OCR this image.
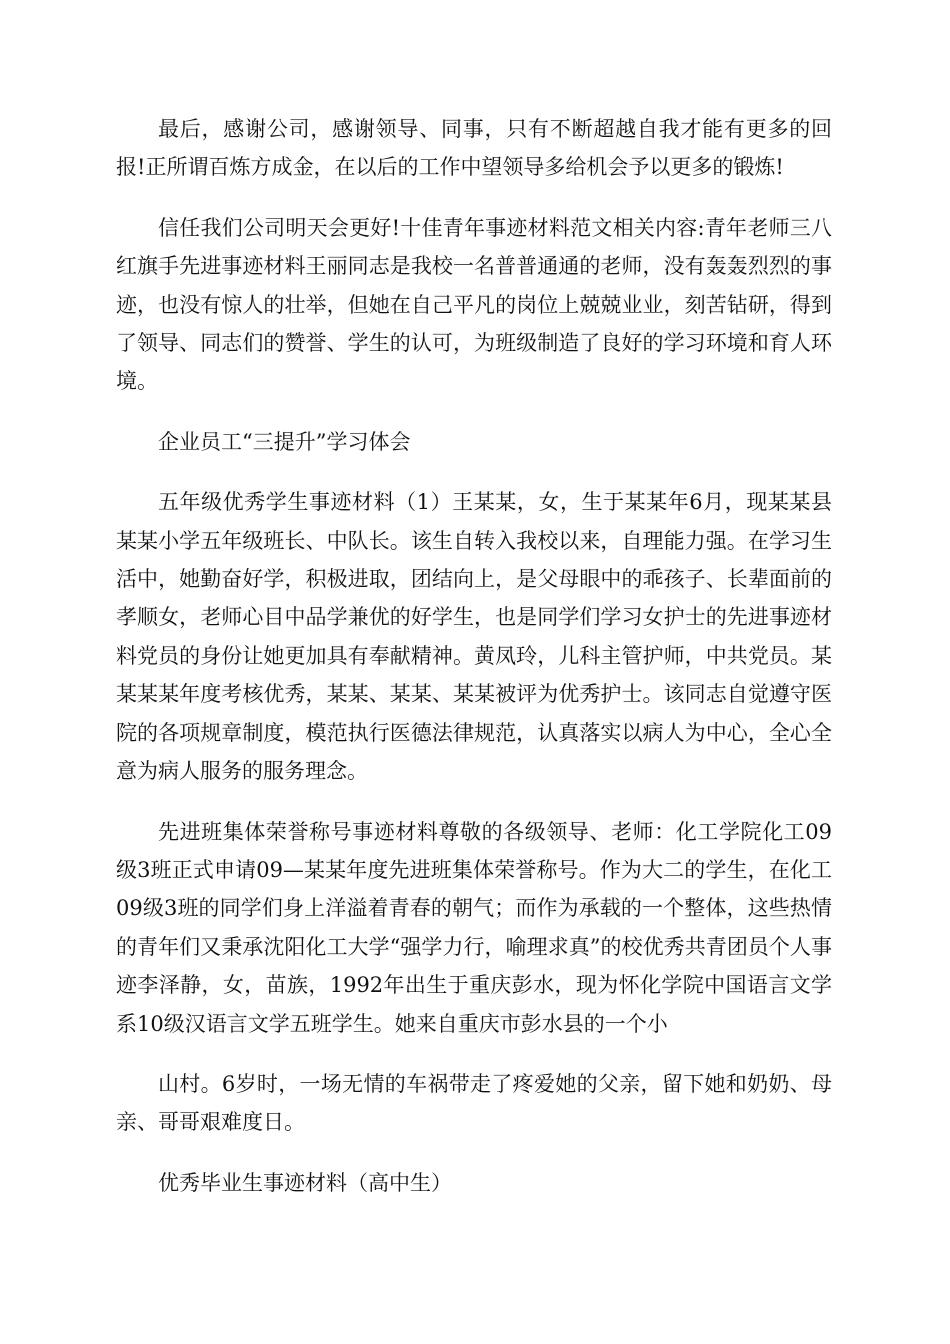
最后，感谢公司，感谢领导、同事，只有不断超越自我才能有更多的回报!正所谓百炼方成金，在以后的工作中望领导多给机会予以更多的锻炼!

信任我们公司明天会更好!十佳青年事迹材料范文相关内容:青年老师三八红旗手先进事迹材料王丽同志是我校一名普普通通的老师，没有轰轰烈烈的事迹，也没有惊人的壮举，但她在自己平凡的岗位上兢兢业业，刻苦钻研，得到了领导、同志们的赞誉、学生的认可，为班级制造了良好的学习环境和育人环境。

企业员工“三提升”学习体会

五年级优秀学生事迹材料（1）王某某，女，生于某某年6月，现某某县某某小学五年级班长、中队长。该生自转入我校以来，自理能力强。在学习生活中，她勤奋好学，积极进取，团结向上，是父母眼中的乖孩子、长辈面前的孝顺女，老师心目中品学兼优的好学生，也是同学们学习女护士的先进事迹材料党员的身份让她更加具有奉献精神。黄凤玲，儿科主管护师，中共党员。某某某某年度考核优秀，某某、某某、某某被评为优秀护士。该同志自觉遵守医院的各项规章制度，模范执行医德法律规范，认真落实以病人为中心，全心全意为病人服务的服务理念。

先进班集体荣誉称号事迹材料尊敬的各级领导、老师：化工学院化工09级3班正式申请09—某某年度先进班集体荣誉称号。作为大二的学生，在化工09级3班的同学们身上洋溢着青春的朝气；而作为承载的一个整体，这些热情的青年们又秉承沈阳化工大学“强学力行，喻理求真”的校优秀共青团员个人事迹李泽静，女，苗族，1992年出生于重庆彭水，现为怀化学院中国语言文学系10级汉语言文学五班学生。她来自重庆市彭水县的一个小

山村。6岁时，一场无情的车祸带走了疼爱她的父亲，留下她和奶奶、母亲、哥哥艰难度日。

优秀毕业生事迹材料（高中生）
